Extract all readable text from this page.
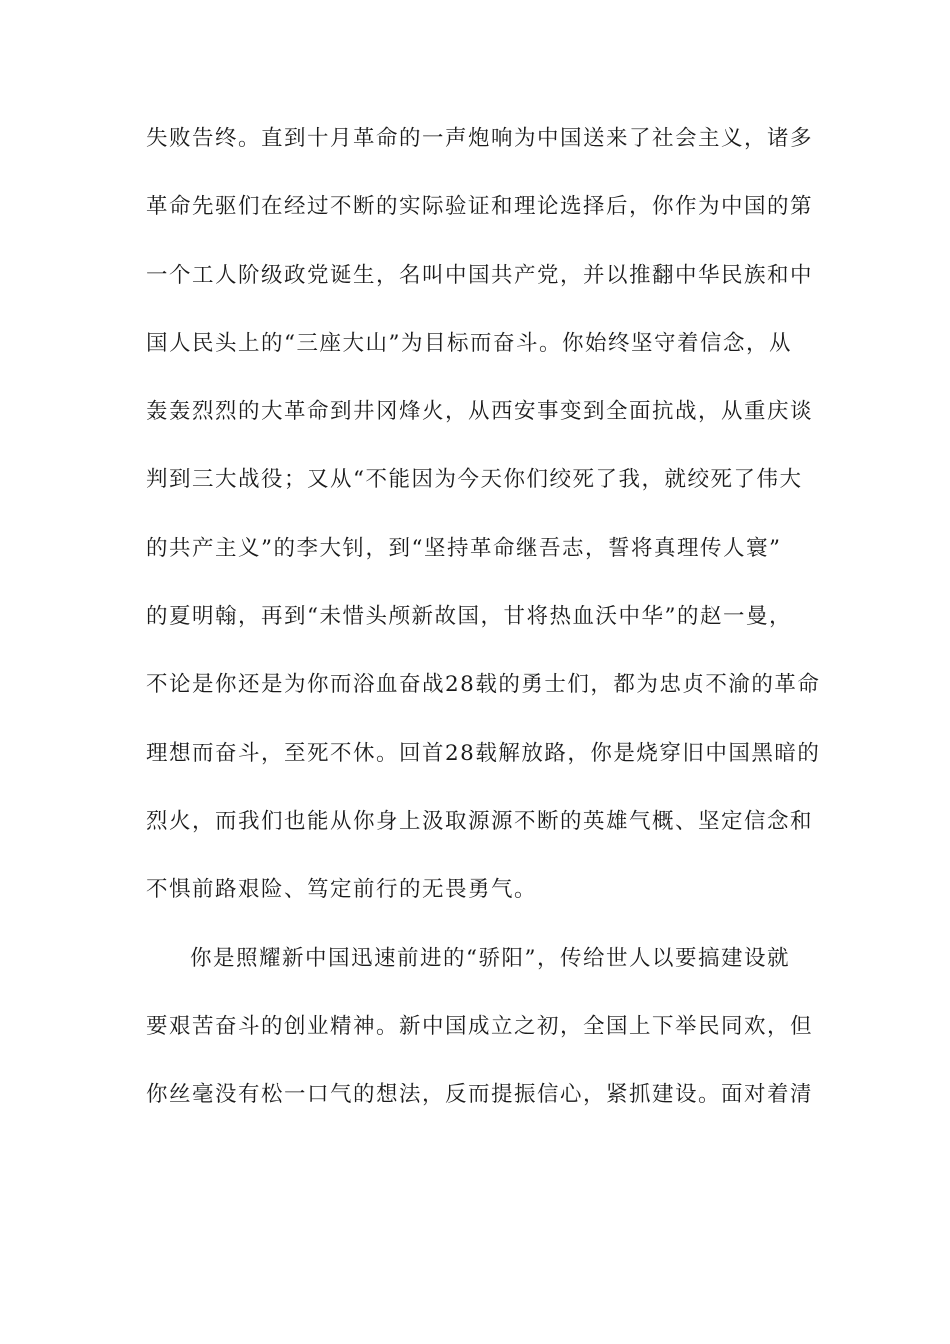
失败告终。直到十月革命的一声炮响为中国送来了社会主义，诸多
革命先驱们在经过不断的实际验证和理论选择后，你作为中国的第
一个工人阶级政党诞生，名叫中国共产党，并以推翻中华民族和中
国人民头上的“三座大山”为目标而奋斗。你始终坚守着信念，从
轰轰烈烈的大革命到井冈烽火，从西安事变到全面抗战，从重庆谈
判到三大战役；又从“不能因为今天你们绞死了我，就绞死了伟大
的共产主义”的李大钊，到“坚持革命继吾志，誓将真理传人寰”
的夏明翰，再到“未惜头颅新故国，甘将热血沃中华”的赵一曼，
不论是你还是为你而浴血奋战28载的勇士们，都为忠贞不渝的革命
理想而奋斗，至死不休。回首28载解放路，你是烧穿旧中国黑暗的
烈火，而我们也能从你身上汲取源源不断的英雄气概、坚定信念和
不惧前路艰险、笃定前行的无畏勇气。
你是照耀新中国迅速前进的“骄阳”，传给世人以要搞建设就
要艰苦奋斗的创业精神。新中国成立之初，全国上下举民同欢，但
你丝毫没有松一口气的想法，反而提振信心，紧抓建设。面对着清
